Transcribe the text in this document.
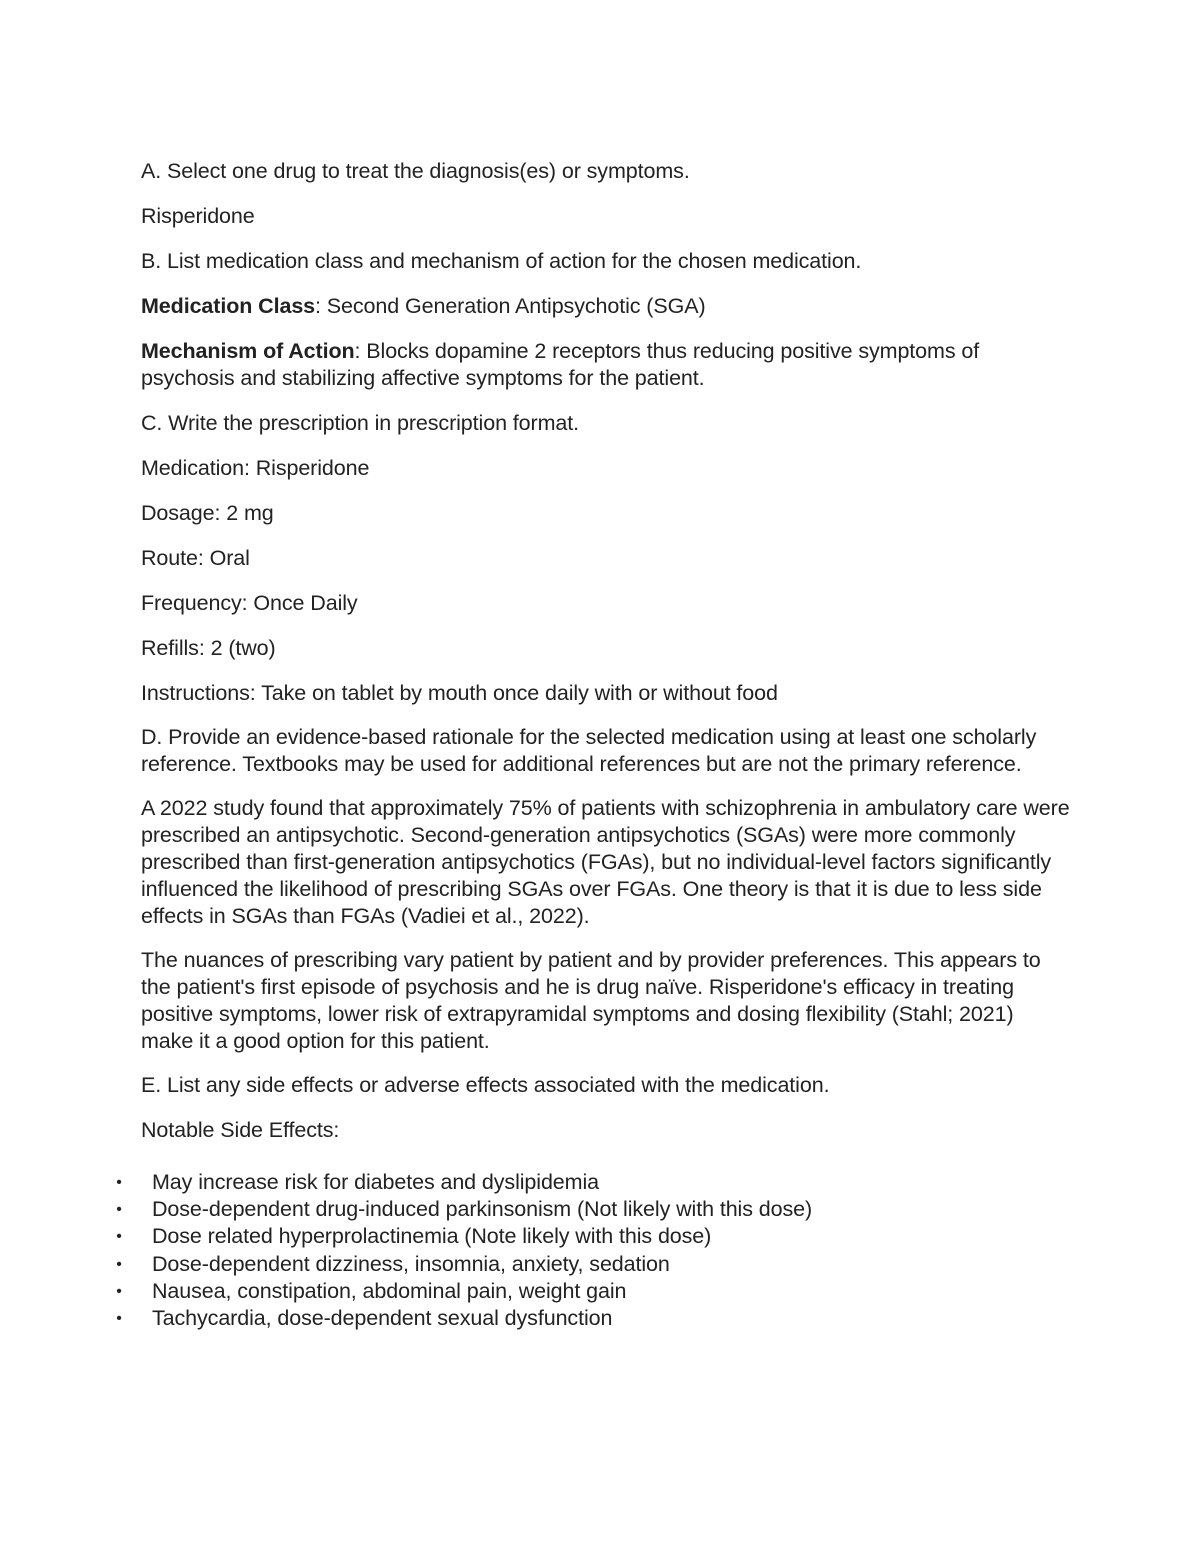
A. Select one drug to treat the diagnosis(es) or symptoms.

Risperidone

B. List medication class and mechanism of action for the chosen medication.

Medication Class: Second Generation Antipsychotic (SGA)

Mechanism of Action: Blocks dopamine 2 receptors thus reducing positive symptoms of psychosis and stabilizing affective symptoms for the patient.

C. Write the prescription in prescription format.

Medication: Risperidone

Dosage: 2 mg

Route: Oral

Frequency: Once Daily

Refills: 2 (two)

Instructions: Take on tablet by mouth once daily with or without food

D. Provide an evidence-based rationale for the selected medication using at least one scholarly reference. Textbooks may be used for additional references but are not the primary reference.

A 2022 study found that approximately 75% of patients with schizophrenia in ambulatory care were prescribed an antipsychotic. Second-generation antipsychotics (SGAs) were more commonly prescribed than first-generation antipsychotics (FGAs), but no individual-level factors significantly influenced the likelihood of prescribing SGAs over FGAs. One theory is that it is due to less side effects in SGAs than FGAs (Vadiei et al., 2022).

The nuances of prescribing vary patient by patient and by provider preferences. This appears to the patient's first episode of psychosis and he is drug naïve. Risperidone's efficacy in treating positive symptoms, lower risk of extrapyramidal symptoms and dosing flexibility (Stahl; 2021) make it a good option for this patient.

E. List any side effects or adverse effects associated with the medication.

Notable Side Effects:

• May increase risk for diabetes and dyslipidemia
• Dose-dependent drug-induced parkinsonism (Not likely with this dose)
• Dose related hyperprolactinemia (Note likely with this dose)
• Dose-dependent dizziness, insomnia, anxiety, sedation
• Nausea, constipation, abdominal pain, weight gain
• Tachycardia, dose-dependent sexual dysfunction
